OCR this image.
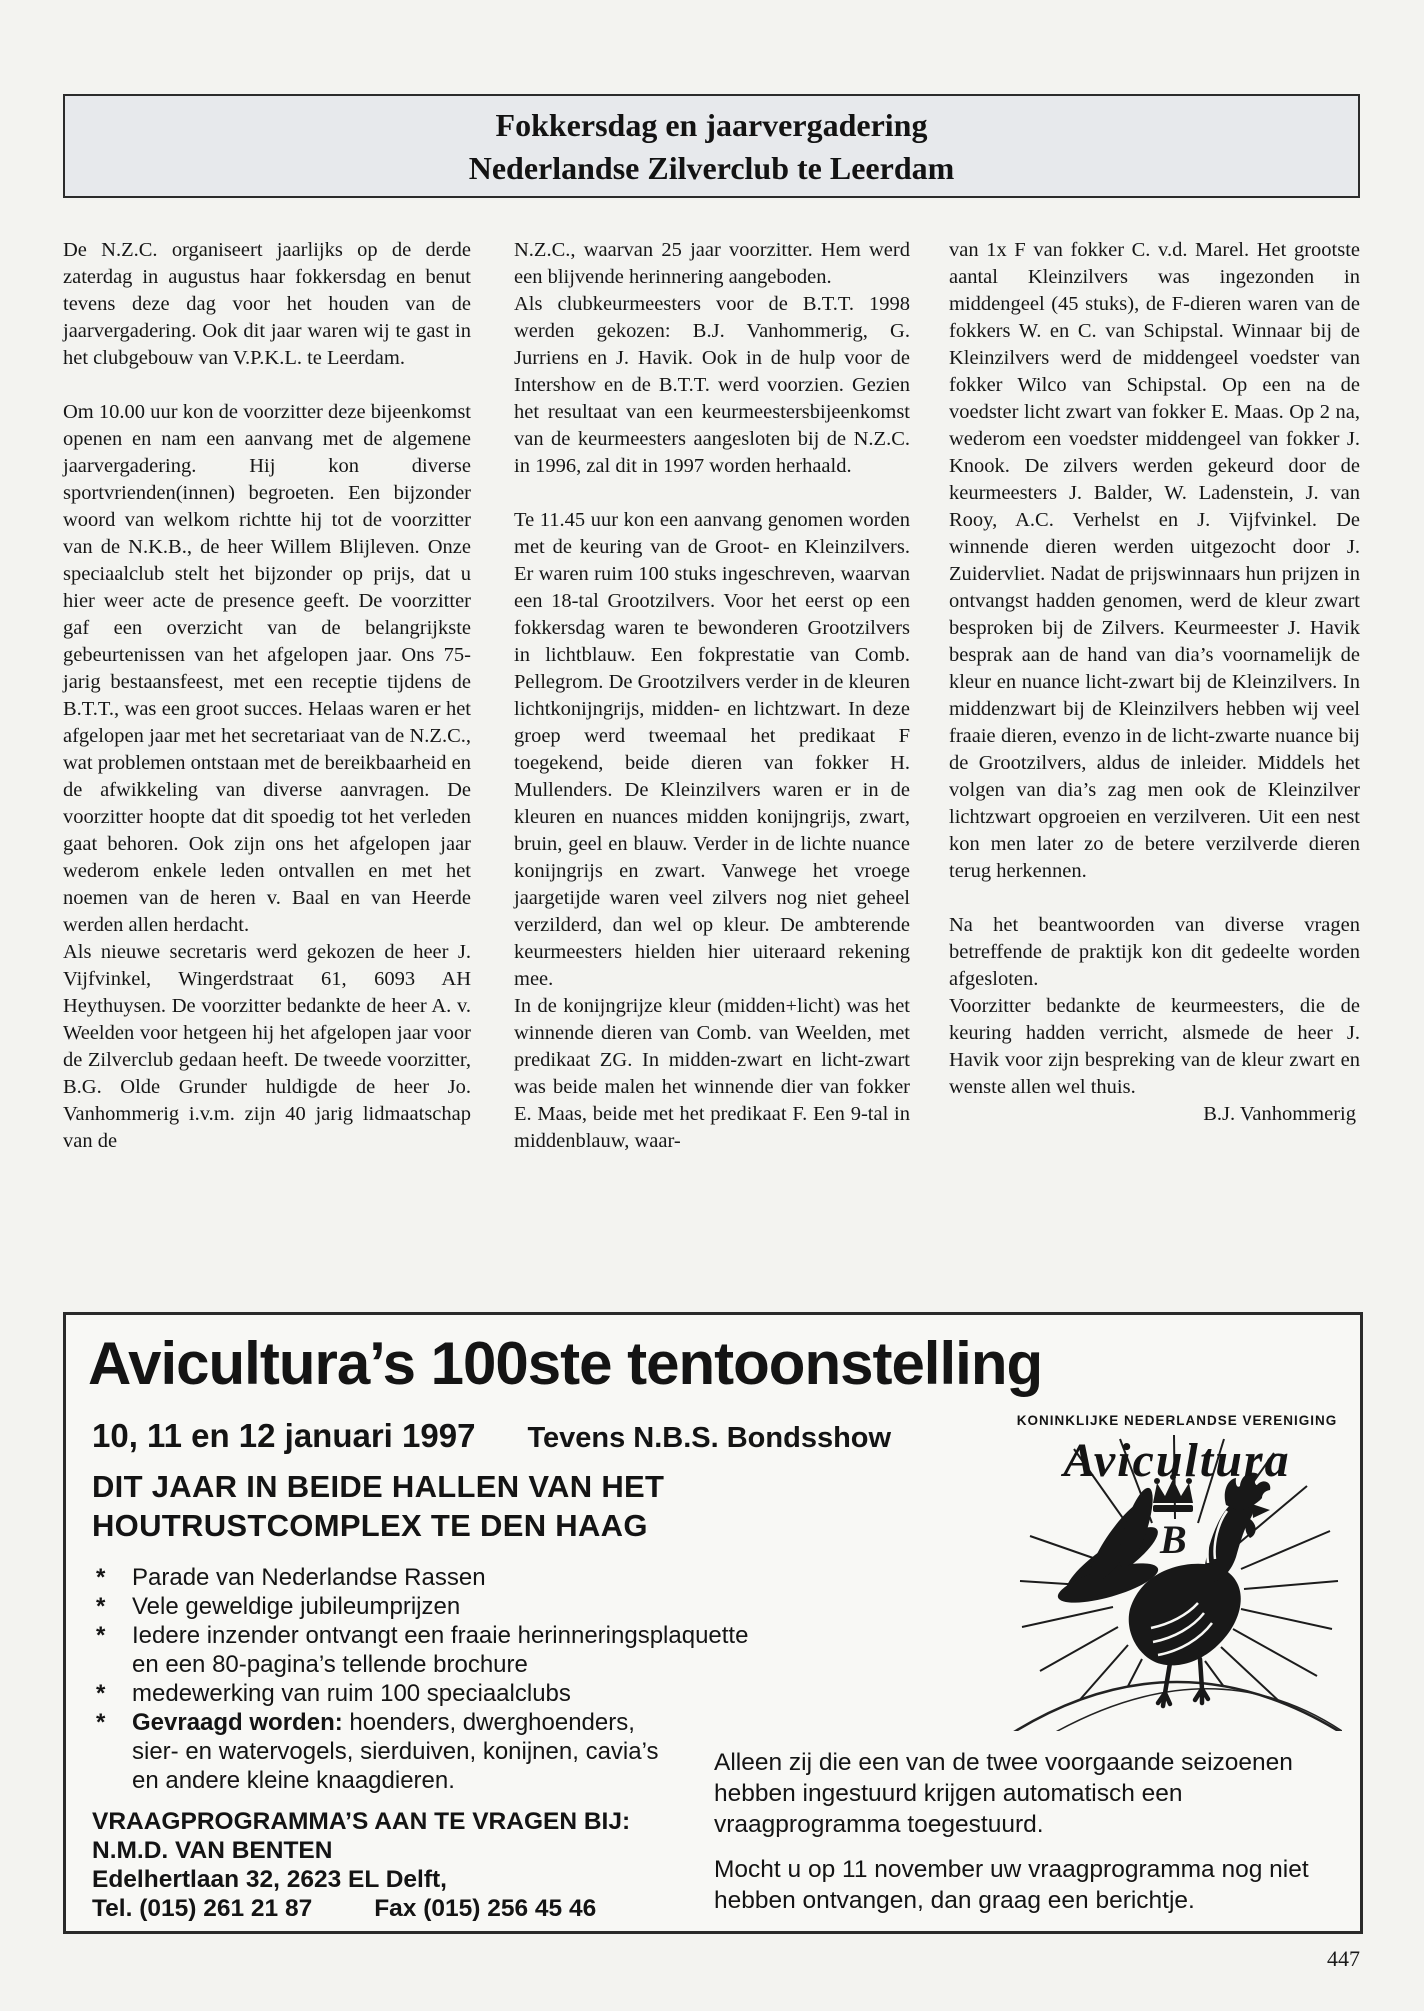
Fokkersdag en jaarvergadering
Nederlandse Zilverclub te Leerdam

De N.Z.C. organiseert jaarlijks op de derde zaterdag in augustus haar fokkersdag en benut tevens deze dag voor het houden van de jaarvergadering. Ook dit jaar waren wij te gast in het clubgebouw van V.P.K.L. te Leerdam.

Om 10.00 uur kon de voorzitter deze bijeenkomst openen en nam een aanvang met de algemene jaarvergadering. Hij kon diverse sportvrienden(innen) begroeten. Een bijzonder woord van welkom richtte hij tot de voorzitter van de N.K.B., de heer Willem Blijleven. Onze speciaalclub stelt het bijzonder op prijs, dat u hier weer acte de presence geeft. De voorzitter gaf een overzicht van de belangrijkste gebeurtenissen van het afgelopen jaar. Ons 75-jarig bestaansfeest, met een receptie tijdens de B.T.T., was een groot succes. Helaas waren er het afgelopen jaar met het secretariaat van de N.Z.C., wat problemen ontstaan met de bereikbaarheid en de afwikkeling van diverse aanvragen. De voorzitter hoopte dat dit spoedig tot het verleden gaat behoren. Ook zijn ons het afgelopen jaar wederom enkele leden ontvallen en met het noemen van de heren v. Baal en van Heerde werden allen herdacht.

Als nieuwe secretaris werd gekozen de heer J. Vijfvinkel, Wingerdstraat 61, 6093 AH Heythuysen. De voorzitter bedankte de heer A. v. Weelden voor hetgeen hij het afgelopen jaar voor de Zilverclub gedaan heeft. De tweede voorzitter, B.G. Olde Grunder huldigde de heer Jo. Vanhommerig i.v.m. zijn 40 jarig lidmaatschap van de

N.Z.C., waarvan 25 jaar voorzitter. Hem werd een blijvende herinnering aangeboden.

Als clubkeurmeesters voor de B.T.T. 1998 werden gekozen: B.J. Vanhommerig, G. Jurriens en J. Havik. Ook in de hulp voor de Intershow en de B.T.T. werd voorzien. Gezien het resultaat van een keurmeestersbijeenkomst van de keurmeesters aangesloten bij de N.Z.C. in 1996, zal dit in 1997 worden herhaald.

Te 11.45 uur kon een aanvang genomen worden met de keuring van de Groot- en Kleinzilvers. Er waren ruim 100 stuks ingeschreven, waarvan een 18-tal Grootzilvers. Voor het eerst op een fokkersdag waren te bewonderen Grootzilvers in lichtblauw. Een fokprestatie van Comb. Pellegrom. De Grootzilvers verder in de kleuren lichtkonijngrijs, midden- en lichtzwart. In deze groep werd tweemaal het predikaat F toegekend, beide dieren van fokker H. Mullenders. De Kleinzilvers waren er in de kleuren en nuances midden konijngrijs, zwart, bruin, geel en blauw. Verder in de lichte nuance konijngrijs en zwart. Vanwege het vroege jaargetijde waren veel zilvers nog niet geheel verzilderd, dan wel op kleur. De ambterende keurmeesters hielden hier uiteraard rekening mee.

In de konijngrijze kleur (midden+licht) was het winnende dieren van Comb. van Weelden, met predikaat ZG. In midden-zwart en licht-zwart was beide malen het winnende dier van fokker E. Maas, beide met het predikaat F. Een 9-tal in middenblauw, waar-

van 1x F van fokker C. v.d. Marel. Het grootste aantal Kleinzilvers was ingezonden in middengeel (45 stuks), de F-dieren waren van de fokkers W. en C. van Schipstal. Winnaar bij de Kleinzilvers werd de middengeel voedster van fokker Wilco van Schipstal. Op een na de voedster licht zwart van fokker E. Maas. Op 2 na, wederom een voedster middengeel van fokker J. Knook. De zilvers werden gekeurd door de keurmeesters J. Balder, W. Ladenstein, J. van Rooy, A.C. Verhelst en J. Vijfvinkel. De winnende dieren werden uitgezocht door J. Zuidervliet. Nadat de prijswinnaars hun prijzen in ontvangst hadden genomen, werd de kleur zwart besproken bij de Zilvers. Keurmeester J. Havik besprak aan de hand van dia’s voornamelijk de kleur en nuance licht-zwart bij de Kleinzilvers. In middenzwart bij de Kleinzilvers hebben wij veel fraaie dieren, evenzo in de licht-zwarte nuance bij de Grootzilvers, aldus de inleider. Middels het volgen van dia’s zag men ook de Kleinzilver lichtzwart opgroeien en verzilveren. Uit een nest kon men later zo de betere verzilverde dieren terug herkennen.

Na het beantwoorden van diverse vragen betreffende de praktijk kon dit gedeelte worden afgesloten.

Voorzitter bedankte de keurmeesters, die de keuring hadden verricht, alsmede de heer J. Havik voor zijn bespreking van de kleur zwart en wenste allen wel thuis.

B.J. Vanhommerig

Avicultura’s 100ste tentoonstelling
10, 11 en 12 januari 1997 Tevens N.B.S. Bondsshow
DIT JAAR IN BEIDE HALLEN VAN HET
HOUTRUSTCOMPLEX TE DEN HAAG
*	Parade van Nederlandse Rassen
*	Vele geweldige jubileumprijzen
*	Iedere inzender ontvangt een fraaie herinneringsplaquette
en een 80-pagina’s tellende brochure
*	medewerking van ruim 100 speciaalclubs
*	Gevraagd worden: hoenders, dwerghoenders,
sier- en watervogels, sierduiven, konijnen, cavia’s
en andere kleine knaagdieren.
VRAAGPROGRAMMA’S AAN TE VRAGEN BIJ:
N.M.D. VAN BENTEN
Edelhertlaan 32, 2623 EL Delft,
Tel. (015) 261 21 87	Fax (015) 256 45 46
KONINKLIJKE NEDERLANDSE VERENIGING
Avicultura
B

Alleen zij die een van de twee voorgaande seizoenen hebben ingestuurd krijgen automatisch een vraagprogramma toegestuurd.

Mocht u op 11 november uw vraagprogramma nog niet hebben ontvangen, dan graag een berichtje.

447
